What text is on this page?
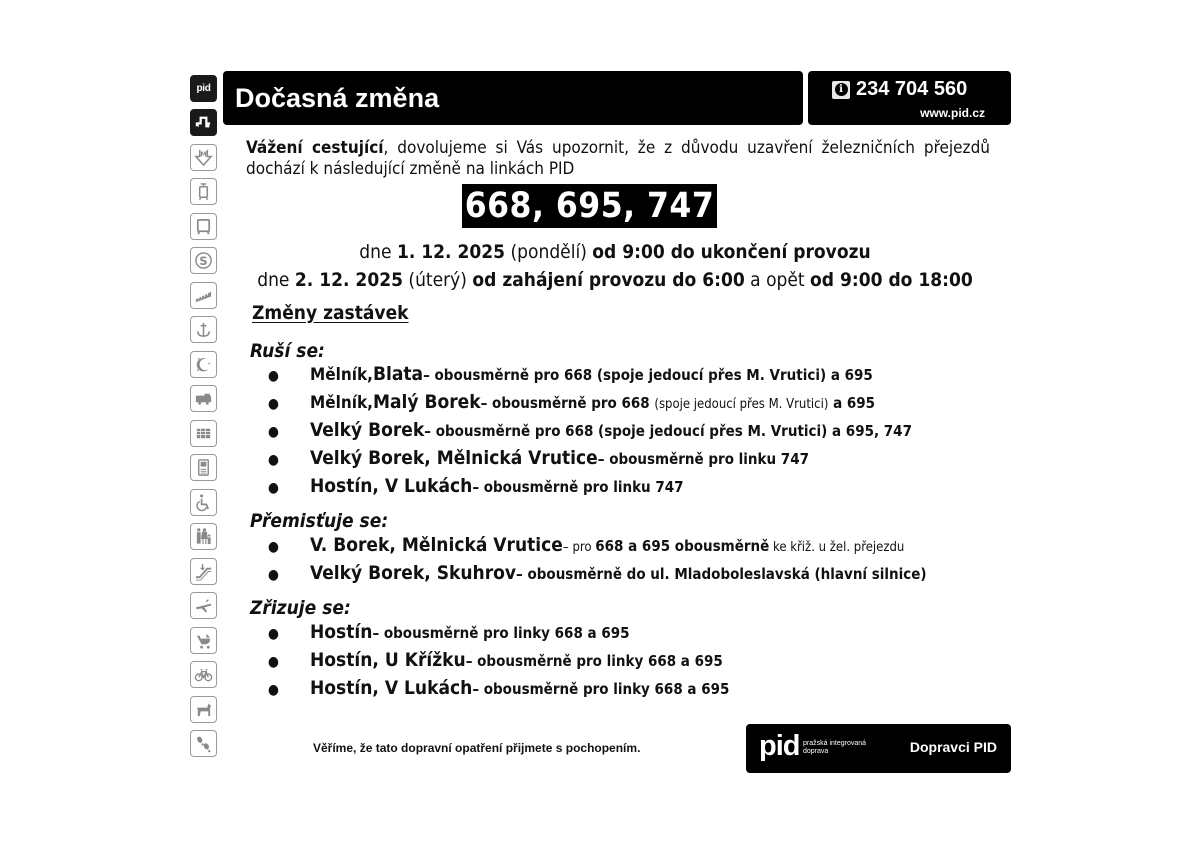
pid
M
S
Dočasná změna	i 234 704 560
www.pid.cz
Vážení cestující, dovolujeme si Vás upozornit, že z důvodu uzavření železničních přejezdů dochází k následující změně na linkách PID
668, 695, 747
dne 1. 12. 2025 (pondělí) od 9:00 do ukončení provozu
dne 2. 12. 2025 (úterý) od zahájení provozu do 6:00 a opět od 9:00 do 18:00
Změny zastávek
Ruší se:
●	Mělník, Blata – obousměrně pro 668 (spoje jedoucí přes M. Vrutici) a 695
●	Mělník, Malý Borek – obousměrně pro 668 (spoje jedoucí přes M. Vrutici) a 695
●	Velký Borek – obousměrně pro 668 (spoje jedoucí přes M. Vrutici) a 695, 747
●	Velký Borek, Mělnická Vrutice – obousměrně pro linku 747
●	Hostín, V Lukách – obousměrně pro linku 747
Přemisťuje se:
●	V. Borek, Mělnická Vrutice – pro 668 a 695 obousměrně ke křiž. u žel. přejezdu
●	Velký Borek, Skuhrov – obousměrně do ul. Mladoboleslavská (hlavní silnice)
Zřizuje se:
●	Hostín – obousměrně pro linky 668 a 695
●	Hostín, U Křížku – obousměrně pro linky 668 a 695
●	Hostín, V Lukách – obousměrně pro linky 668 a 695
Věříme, že tato dopravní opatření přijmete s pochopením.	pid pražská integrovaná
doprava	Dopravci PID
